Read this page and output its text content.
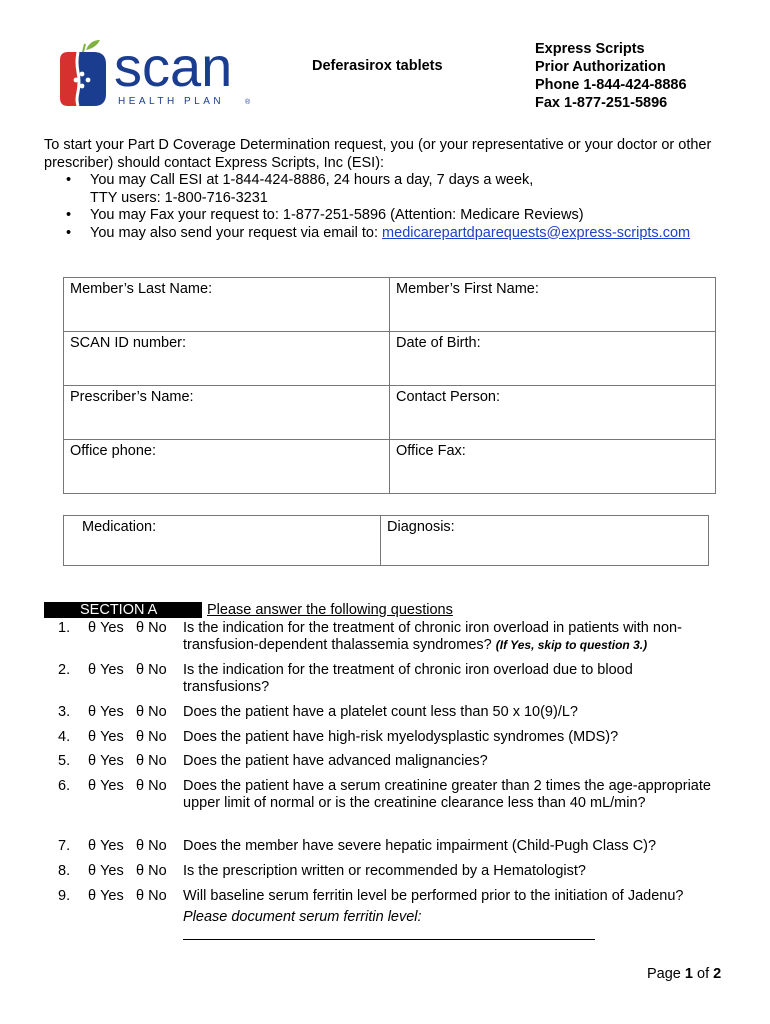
scan
HEALTH PLAN	®
Deferasirox tablets
Express Scripts
Prior Authorization
Phone 1-844-424-8886
Fax 1-877-251-5896
To start your Part D Coverage Determination request, you (or your representative or your doctor or other prescriber) should contact Express Scripts, Inc (ESI):
• You may Call ESI at 1-844-424-8886, 24 hours a day, 7 days a week,
TTY users: 1-800-716-3231
• You may Fax your request to: 1-877-251-5896 (Attention: Medicare Reviews)
• You may also send your request via email to: medicarepartdparequests@express-scripts.com
Member’s Last Name:	Member’s First Name:
SCAN ID number:	Date of Birth:
Prescriber’s Name:	Contact Person:
Office phone:	Office Fax:
Medication:	Diagnosis:
SECTION A	Please answer the following questions
1. θ Yes θ No Is the indication for the treatment of chronic iron overload in patients with non-transfusion-dependent thalassemia syndromes? (If Yes, skip to question 3.)
2. θ Yes θ No Is the indication for the treatment of chronic iron overload due to blood transfusions?
3. θ Yes θ No Does the patient have a platelet count less than 50 x 10(9)/L?
4. θ Yes θ No Does the patient have high-risk myelodysplastic syndromes (MDS)?
5. θ Yes θ No Does the patient have advanced malignancies?
6. θ Yes θ No Does the patient have a serum creatinine greater than 2 times the age-appropriate upper limit of normal or is the creatinine clearance less than 40 mL/min?
7. θ Yes θ No Does the member have severe hepatic impairment (Child-Pugh Class C)?
8. θ Yes θ No Is the prescription written or recommended by a Hematologist?
9. θ Yes θ No Will baseline serum ferritin level be performed prior to the initiation of Jadenu?
Please document serum ferritin level:
Page 1 of 2
